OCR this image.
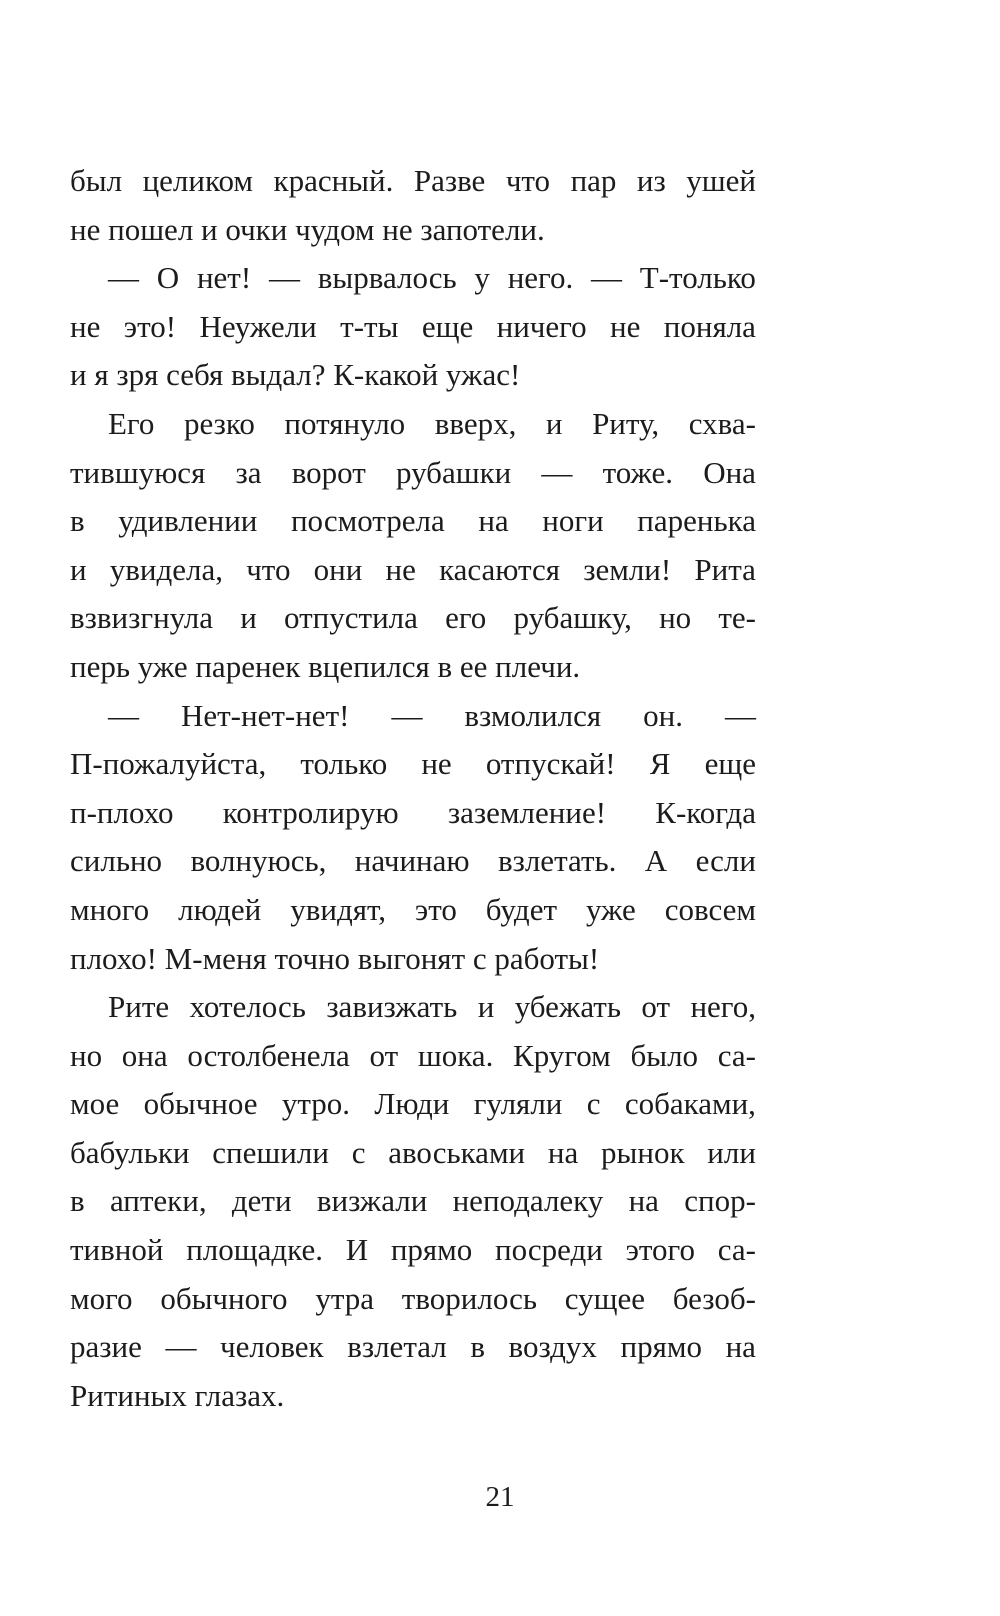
был целиком красный. Разве что пар из ушей
не пошел и очки чудом не запотели.
— О нет! — вырвалось у него. — Т-только
не это! Неужели т-ты еще ничего не поняла
и я зря себя выдал? К-какой ужас!
Его резко потянуло вверх, и Риту, схва-
тившуюся за ворот рубашки — тоже. Она
в удивлении посмотрела на ноги паренька
и увидела, что они не касаются земли! Рита
взвизгнула и отпустила его рубашку, но те-
перь уже паренек вцепился в ее плечи.
— Нет-нет-нет! — взмолился он. —
П-пожалуйста, только не отпускай! Я еще
п-плохо контролирую заземление! К-когда
сильно волнуюсь, начинаю взлетать. А если
много людей увидят, это будет уже совсем
плохо! М-меня точно выгонят с работы!
Рите хотелось завизжать и убежать от него,
но она остолбенела от шока. Кругом было са-
мое обычное утро. Люди гуляли с собаками,
бабульки спешили с авоськами на рынок или
в аптеки, дети визжали неподалеку на спор-
тивной площадке. И прямо посреди этого са-
мого обычного утра творилось сущее безоб-
разие — человек взлетал в воздух прямо на
Ритиных глазах.
21
